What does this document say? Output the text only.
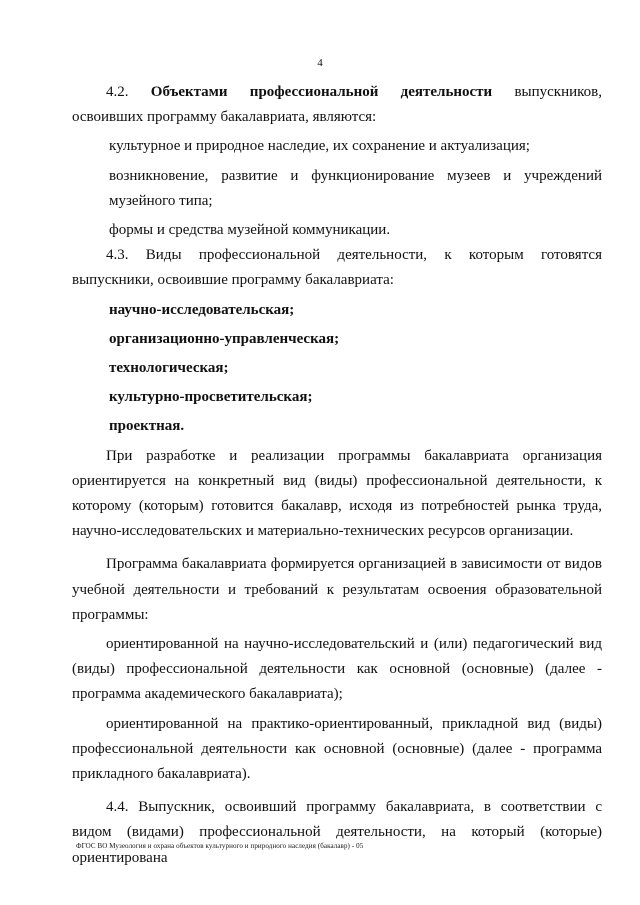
4

4.2. Объектами профессиональной деятельности выпускников, освоивших программу бакалавриата, являются:

культурное и природное наследие, их сохранение и актуализация;

возникновение, развитие и функционирование музеев и учреждений музейного типа;

формы и средства музейной коммуникации.

4.3. Виды профессиональной деятельности, к которым готовятся выпускники, освоившие программу бакалавриата:

научно-исследовательская;

организационно-управленческая;

технологическая;

культурно-просветительская;

проектная.

При разработке и реализации программы бакалавриата организация ориентируется на конкретный вид (виды) профессиональной деятельности, к которому (которым) готовится бакалавр, исходя из потребностей рынка труда, научно-исследовательских и материально-технических ресурсов организации.

Программа бакалавриата формируется организацией в зависимости от видов учебной деятельности и требований к результатам освоения образовательной программы:

ориентированной на научно-исследовательский и (или) педагогический вид (виды) профессиональной деятельности как основной (основные) (далее - программа академического бакалавриата);

ориентированной на практико-ориентированный, прикладной вид (виды) профессиональной деятельности как основной (основные) (далее - программа прикладного бакалавриата).

4.4. Выпускник, освоивший программу бакалавриата, в соответствии с видом (видами) профессиональной деятельности, на который (которые) ориентирована

ФГОС ВО Музеология и охрана объектов культурного и природного наследия (бакалавр) - 05
